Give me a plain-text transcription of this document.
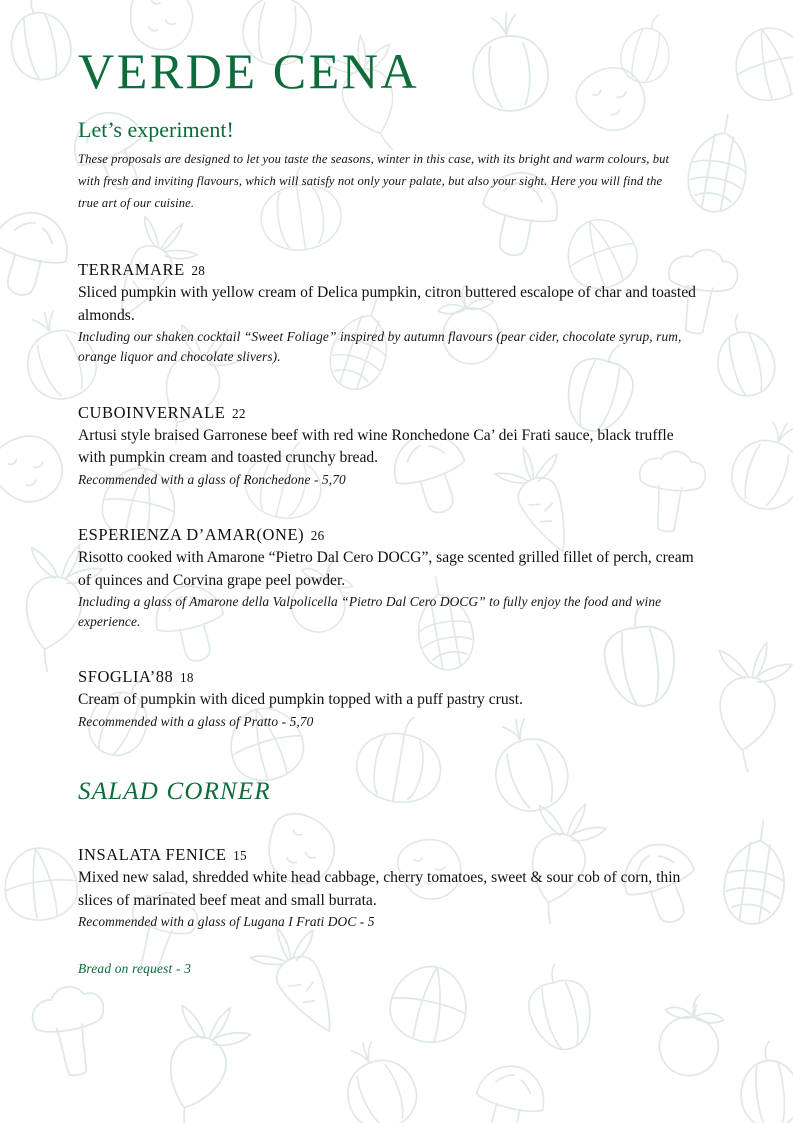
VERDE CENA
Let’s experiment!

These proposals are designed to let you taste the seasons, winter in this case, with its bright and warm colours, but with fresh and inviting flavours, which will satisfy not only your palate, but also your sight. Here you will find the true art of our cuisine.

TERRAMARE 28

Sliced pumpkin with yellow cream of Delica pumpkin, citron buttered escalope of char and toasted almonds.

Including our shaken cocktail “Sweet Foliage” inspired by autumn flavours (pear cider, chocolate syrup, rum, orange liquor and chocolate slivers).

CUBOINVERNALE 22

Artusi style braised Garronese beef with red wine Ronchedone Ca’ dei Frati sauce, black truffle with pumpkin cream and toasted crunchy bread.

Recommended with a glass of Ronchedone - 5,70

ESPERIENZA D’AMAR(ONE) 26

Risotto cooked with Amarone “Pietro Dal Cero DOCG”, sage scented grilled fillet of perch, cream of quinces and Corvina grape peel powder.

Including a glass of Amarone della Valpolicella “Pietro Dal Cero DOCG” to fully enjoy the food and wine experience.

SFOGLIA’88 18

Cream of pumpkin with diced pumpkin topped with a puff pastry crust.

Recommended with a glass of Pratto - 5,70

SALAD CORNER
INSALATA FENICE 15

Mixed new salad, shredded white head cabbage, cherry tomatoes, sweet & sour cob of corn, thin slices of marinated beef meat and small burrata.

Recommended with a glass of Lugana I Frati DOC - 5

Bread on request - 3
